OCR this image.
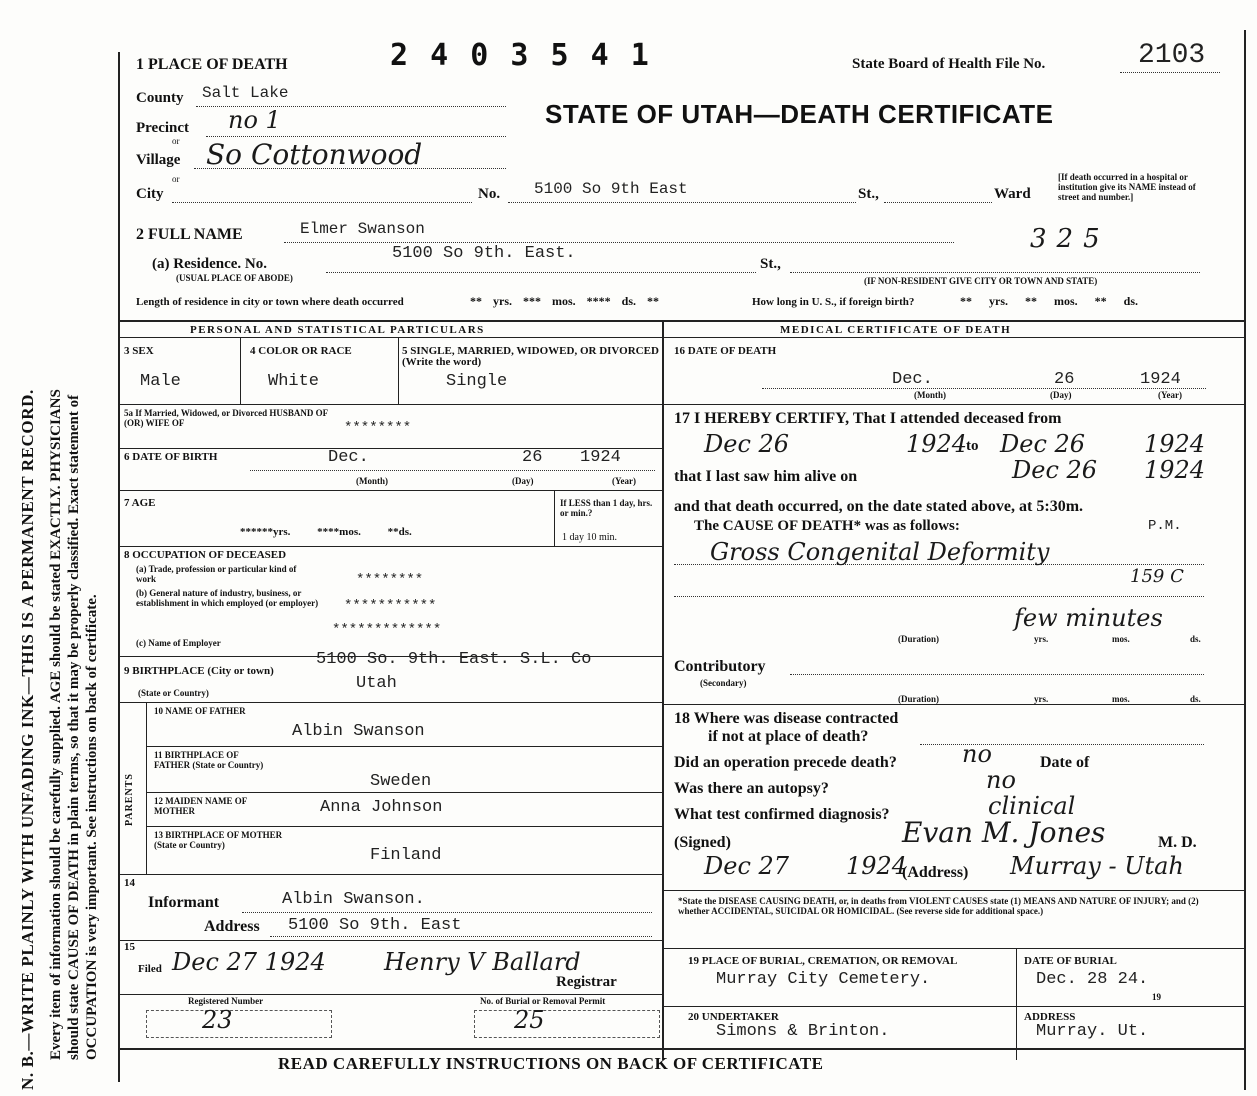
N. B.—WRITE PLAINLY WITH UNFADING INK—THIS IS A PERMANENT RECORD. Every item of information should be carefully supplied. AGE should be stated EXACTLY. PHYSICIANS should state CAUSE OF DEATH in plain terms, so that it may be properly classified. Exact statement of OCCUPATION is very important. See instructions on back of certificate.
1 PLACE OF DEATH	2 4 0 3 5 4 1	State Board of Health File No.	2103
County Salt Lake
STATE OF UTAH—DEATH CERTIFICATE
Precinct no 1
or
Village So Cottonwood
or
City	No. 5100 So 9th East	St.,	Ward
[If death occurred in a hospital or institution give its NAME instead of street and number.]
2 FULL NAME	Elmer Swanson	325
(a) Residence. No.
(USUAL PLACE OF ABODE)
5100 So 9th. East.
St.,
(IF NON-RESIDENT GIVE CITY OR TOWN AND STATE)
Length of residence in city or town where death occurred	** yrs. *** mos. **** ds. **	How long in U. S., if foreign birth?	** yrs. ** mos. ** ds.
PERSONAL AND STATISTICAL PARTICULARS	MEDICAL CERTIFICATE OF DEATH
3 SEX
Male
4 COLOR OR RACE
White
5 SINGLE, MARRIED, WIDOWED, OR DIVORCED (Write the word)
Single
5a If Married, Widowed, or Divorced HUSBAND OF (OR) WIFE OF	********
6 DATE OF BIRTH	Dec.	26 1924
(Month)	(Day)	(Year)
7 AGE
******yrs. ****mos. **ds.
If LESS than 1 day, hrs. or min.?
1 day 10 min.
8 OCCUPATION OF DECEASED
(a) Trade, profession or particular kind of work	********
(b) General nature of industry, business, or establishment in which employed (or employer)	***********
(c) Name of Employer
*************
9 BIRTHPLACE (City or town)
5100 So. 9th. East. S.L. Co
(State or Country)	Utah
PARENTS
10 NAME OF FATHER
Albin Swanson
11 BIRTHPLACE OF FATHER (State or Country)
Sweden
12 MAIDEN NAME OF MOTHER	Anna Johnson
13 BIRTHPLACE OF MOTHER (State or Country)
Finland
14
Informant	Albin Swanson.
Address 5100 So 9th. East
15
Filed Dec 27 1924 Henry V Ballard
Registrar
Registered Number	No. of Burial or Removal Permit
23	25
16 DATE OF DEATH
Dec.	26	1924
(Month)	(Day)	(Year)
17 I HEREBY CERTIFY, That I attended deceased from
Dec 26	1924
to Dec 26 1924
that I last saw him alive on	Dec 26 1924
and that death occurred, on the date stated above, at 5:30m.
The CAUSE OF DEATH* was as follows:	P.M.
Gross Congenital Deformity
159 C
few minutes
(Duration)	yrs.	mos.	ds.
Contributory
(Secondary)
(Duration)	yrs.	mos.	ds.
18 Where was disease contracted
if not at place of death?
Did an operation precede death?	no	Date of
Was there an autopsy?	no
What test confirmed diagnosis?	clinical
(Signed)	Evan M. Jones	M. D.
Dec 27 1924
(Address) Murray - Utah
*State the DISEASE CAUSING DEATH, or, in deaths from VIOLENT CAUSES state (1) MEANS AND NATURE OF INJURY; and (2) whether ACCIDENTAL, SUICIDAL OR HOMICIDAL. (See reverse side for additional space.)
19 PLACE OF BURIAL, CREMATION, OR REMOVAL
Murray City Cemetery.
DATE OF BURIAL
Dec. 28 24.
19
20 UNDERTAKER
Simons & Brinton.
ADDRESS
Murray. Ut.
READ CAREFULLY INSTRUCTIONS ON BACK OF CERTIFICATE
